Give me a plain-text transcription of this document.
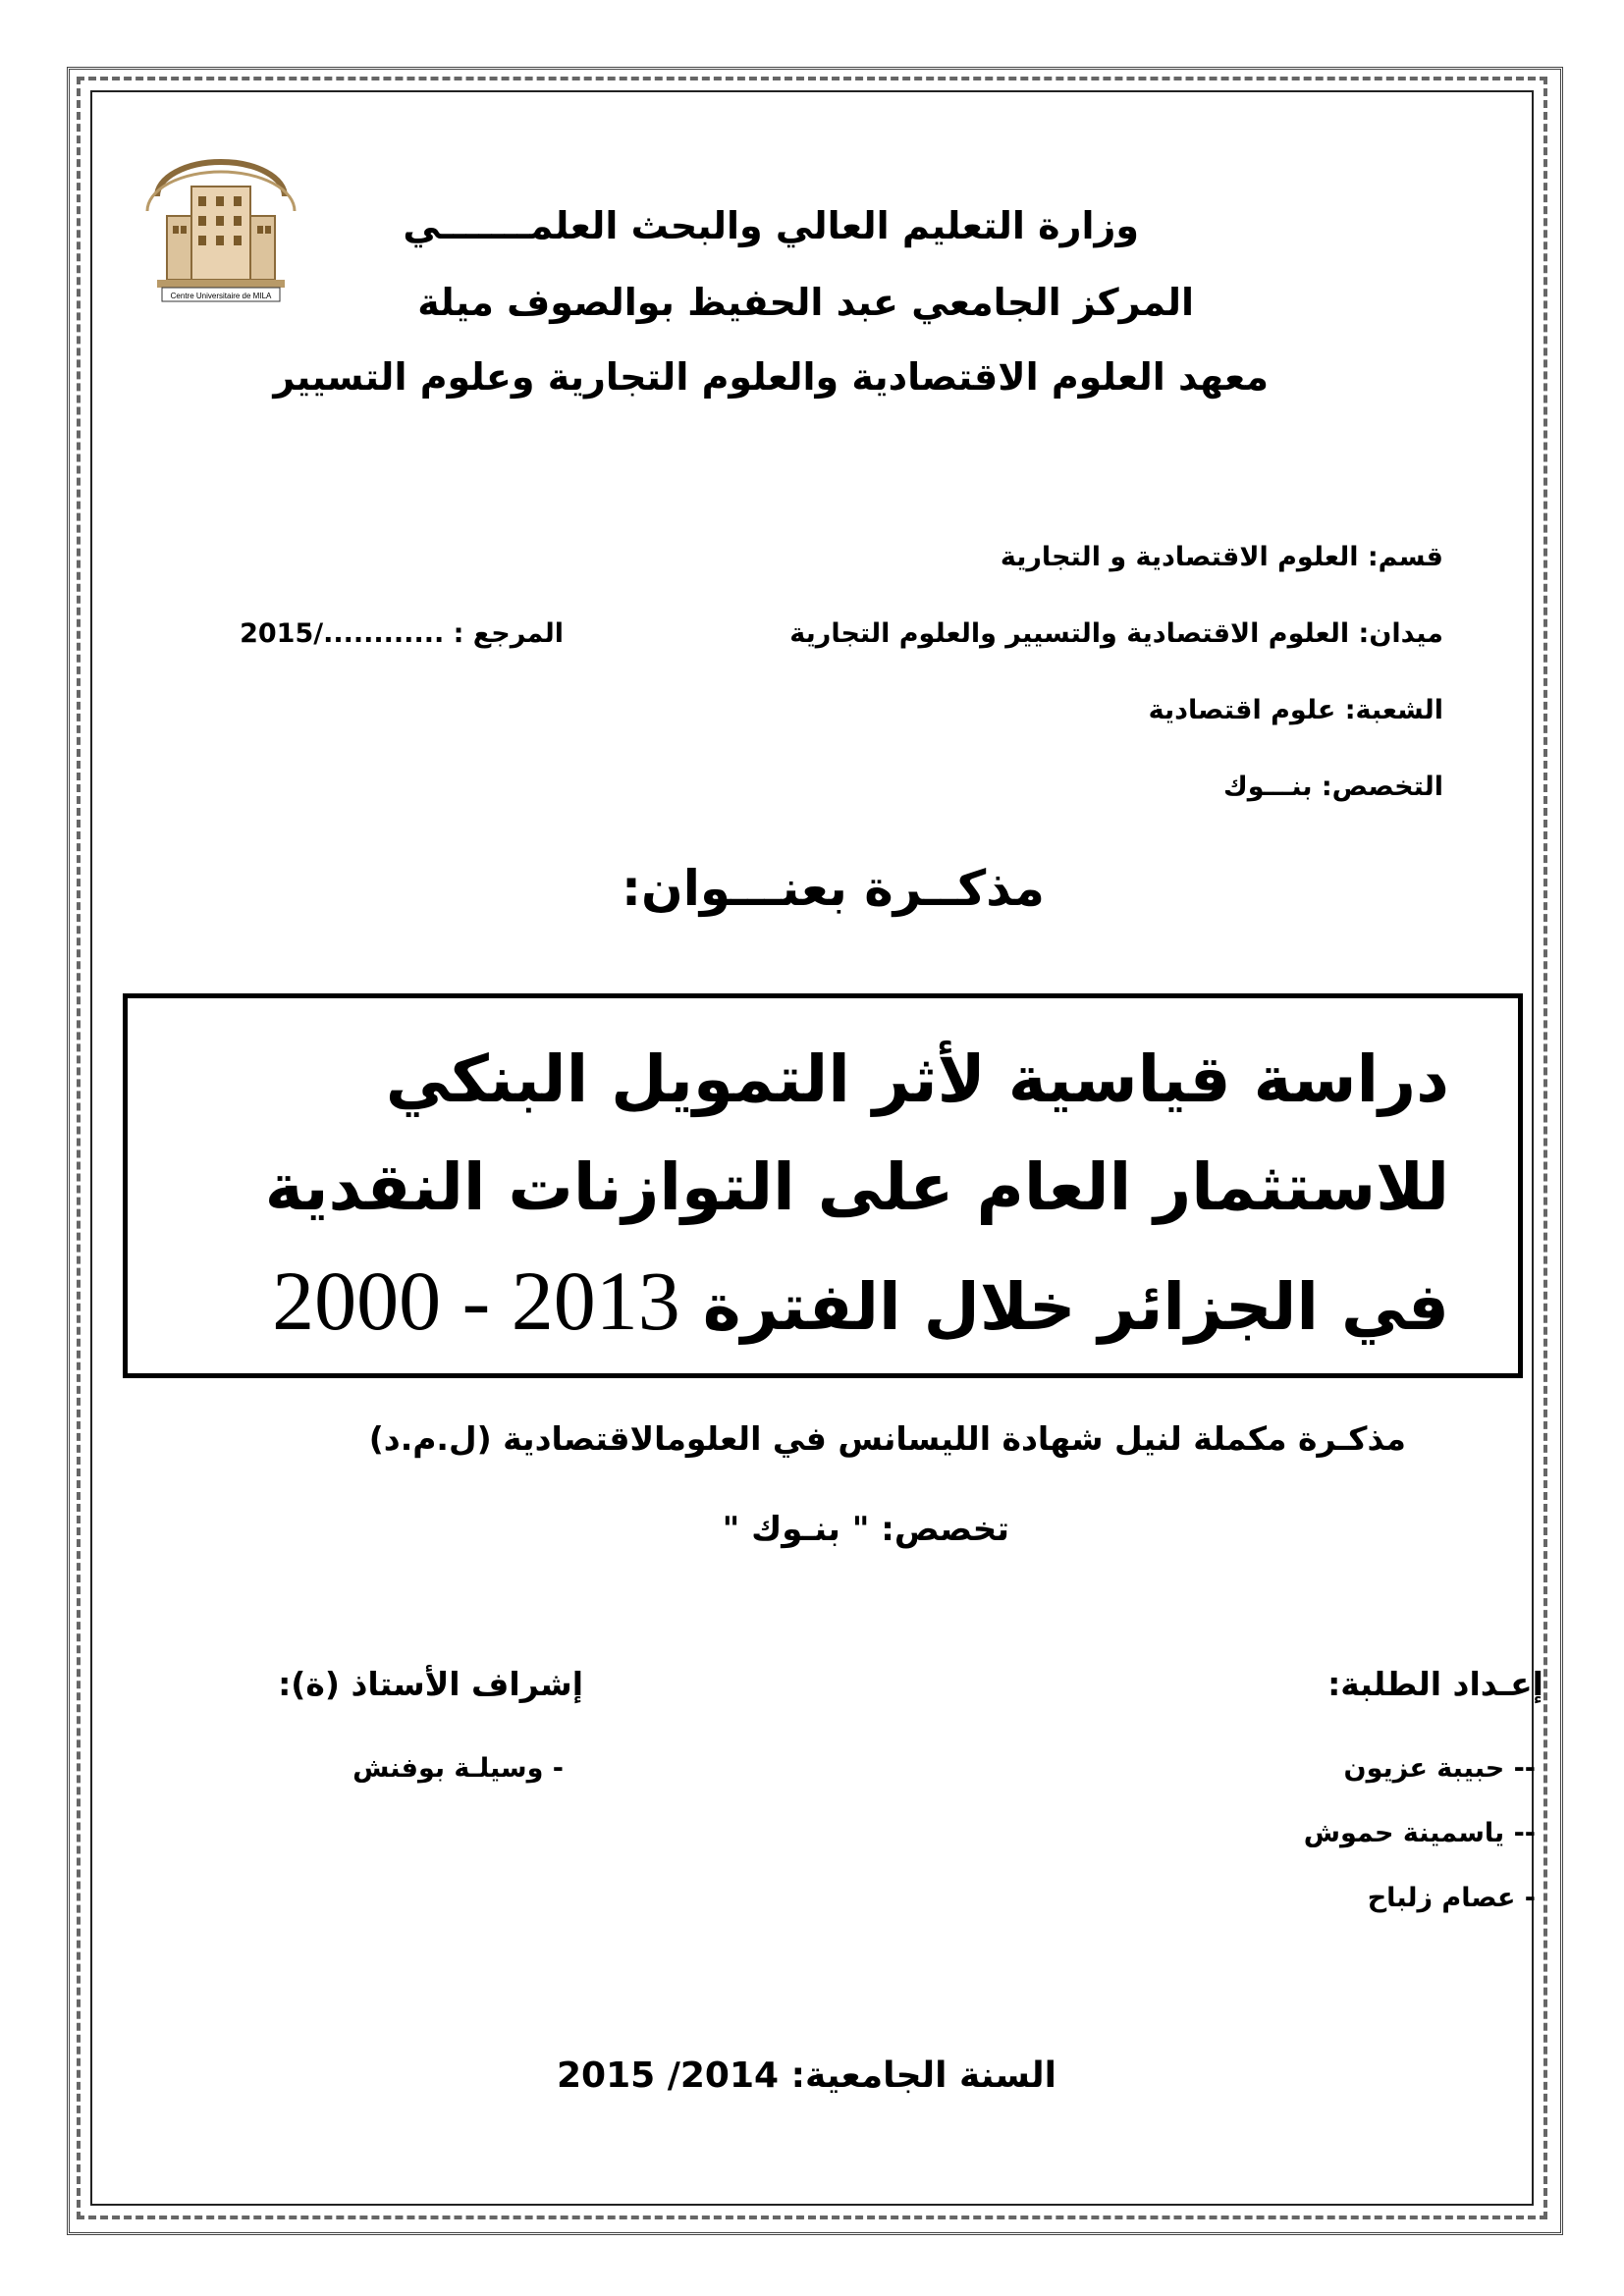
Centre Universitaire de MILA
وزارة التعليم العالي والبحث العلمـــــــي
المركز الجامعي عبد الحفيظ بوالصوف ميلة
معهد العلوم الاقتصادية والعلوم التجارية وعلوم التسيير
قسم: العلوم الاقتصادية و التجارية
ميدان: العلوم الاقتصادية والتسيير والعلوم التجارية
المرجع : ............/2015
الشعبة: علوم اقتصادية
التخصص: بنـــوك
مذكــرة بعنـــوان:
دراسة قياسية لأثر التمويل البنكي
للاستثمار العام على التوازنات النقدية
في الجزائر خلال الفترة 2000 - 2013
مذكـرة مكملة لنيل شهادة الليسانس في العلومالاقتصادية (ل.م.د)
تخصص: " بنـوك "
إعـداد الطلبة:
-- حبيبة عزيون
-- ياسمينة حموش
- عصام زلباح
إشراف الأستاذ (ة):
- وسيلـة بوفنش
السنة الجامعية: 2014/ 2015
